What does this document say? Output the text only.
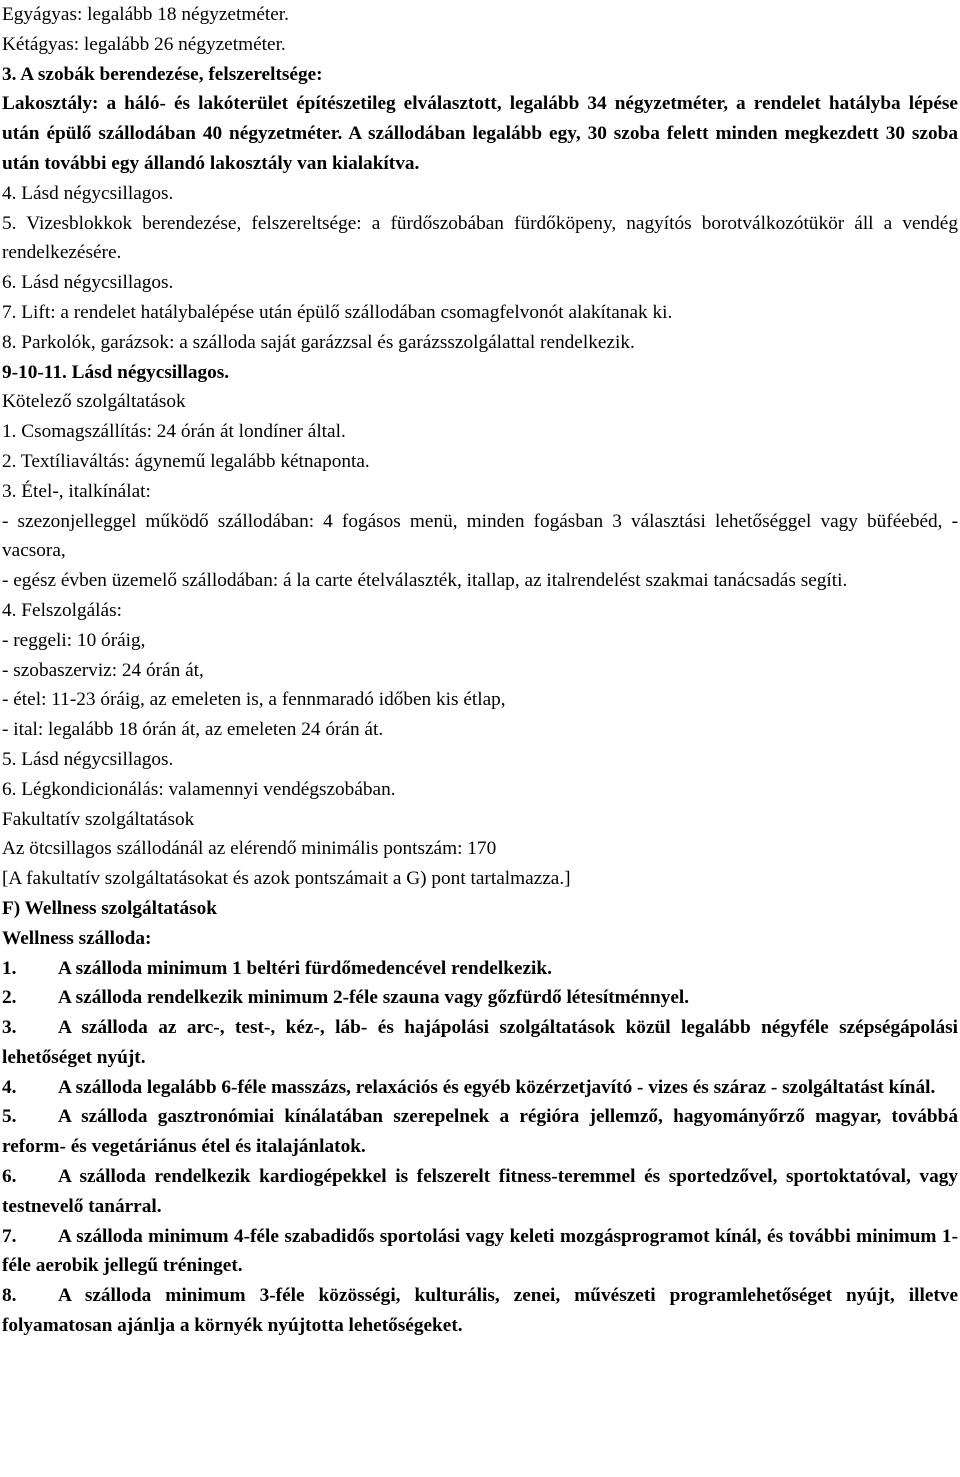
Egyágyas: legalább 18 négyzetméter.

Kétágyas: legalább 26 négyzetméter.

3. A szobák berendezése, felszereltsége:

Lakosztály: a háló- és lakóterület építészetileg elválasztott, legalább 34 négyzetméter, a rendelet hatályba lépése után épülő szállodában 40 négyzetméter. A szállodában legalább egy, 30 szoba felett minden megkezdett 30 szoba után további egy állandó lakosztály van kialakítva.

4. Lásd négycsillagos.

5. Vizesblokkok berendezése, felszereltsége: a fürdőszobában fürdőköpeny, nagyítós borotválkozótükör áll a vendég rendelkezésére.

6. Lásd négycsillagos.

7. Lift: a rendelet hatálybalépése után épülő szállodában csomagfelvonót alakítanak ki.

8. Parkolók, garázsok: a szálloda saját garázzsal és garázsszolgálattal rendelkezik.

9-10-11. Lásd négycsillagos.

Kötelező szolgáltatások

1. Csomagszállítás: 24 órán át londíner által.

2. Textíliaváltás: ágynemű legalább kétnaponta.

3. Étel-, italkínálat:

- szezonjelleggel működő szállodában: 4 fogásos menü, minden fogásban 3 választási lehetőséggel vagy büféebéd, -vacsora,

- egész évben üzemelő szállodában: á la carte ételválaszték, itallap, az italrendelést szakmai tanácsadás segíti.

4. Felszolgálás:

- reggeli: 10 óráig,

- szobaszerviz: 24 órán át,

- étel: 11-23 óráig, az emeleten is, a fennmaradó időben kis étlap,

- ital: legalább 18 órán át, az emeleten 24 órán át.

5. Lásd négycsillagos.

6. Légkondicionálás: valamennyi vendégszobában.

Fakultatív szolgáltatások

Az ötcsillagos szállodánál az elérendő minimális pontszám: 170

[A fakultatív szolgáltatásokat és azok pontszámait a G) pont tartalmazza.]

F) Wellness szolgáltatások

Wellness szálloda:

1. A szálloda minimum 1 beltéri fürdőmedencével rendelkezik.

2. A szálloda rendelkezik minimum 2-féle szauna vagy gőzfürdő létesítménnyel.

3. A szálloda az arc-, test-, kéz-, láb- és hajápolási szolgáltatások közül legalább négyféle szépségápolási lehetőséget nyújt.

4. A szálloda legalább 6-féle masszázs, relaxációs és egyéb közérzetjavító - vizes és száraz - szolgáltatást kínál.

5. A szálloda gasztronómiai kínálatában szerepelnek a régióra jellemző, hagyományőrző magyar, továbbá reform- és vegetáriánus étel és italajánlatok.

6. A szálloda rendelkezik kardiogépekkel is felszerelt fitness-teremmel és sportedzővel, sportoktatóval, vagy testnevelő tanárral.

7. A szálloda minimum 4-féle szabadidős sportolási vagy keleti mozgásprogramot kínál, és további minimum 1-féle aerobik jellegű tréninget.

8. A szálloda minimum 3-féle közösségi, kulturális, zenei, művészeti programlehetőséget nyújt, illetve folyamatosan ajánlja a környék nyújtotta lehetőségeket.
